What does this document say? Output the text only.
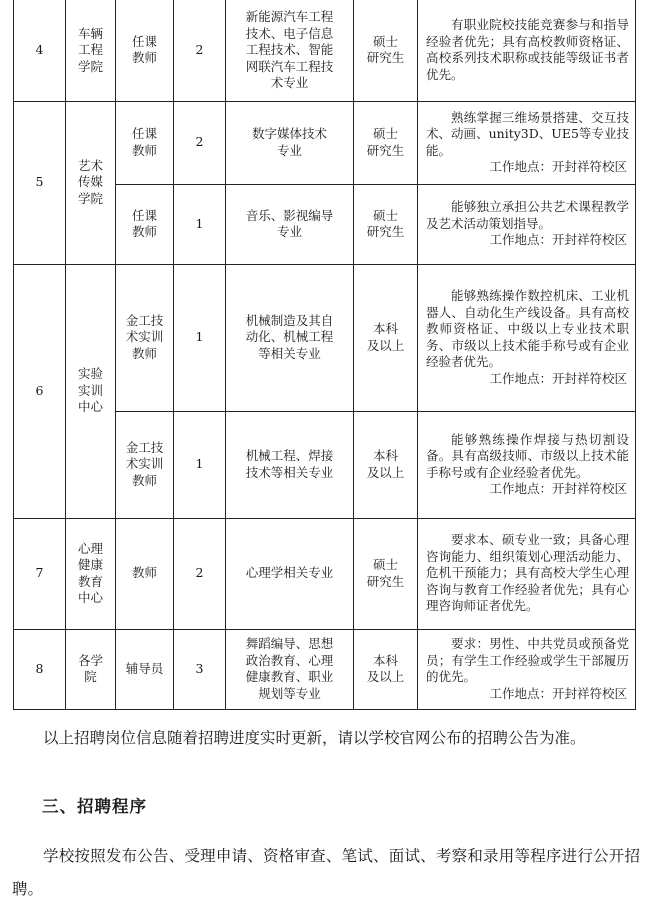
4	车辆
工程
学院	任课
教师	2	新能源汽车工程
技术、电子信息
工程技术、智能
网联汽车工程技
术专业	硕士
研究生	有职业院校技能竞赛参与和指导经验者优先；具有高校教师资格证、高校系列技术职称或技能等级证书者优先。

5	艺术
传媒
学院	任课
教师	2	数字媒体技术
专业	硕士
研究生	熟练掌握三维场景搭建、交互技术、动画、unity3D、UE5等专业技能。
工作地点：开封祥符校区

		任课
教师	1	音乐、影视编导
专业	硕士
研究生	能够独立承担公共艺术课程教学及艺术活动策划指导。
工作地点：开封祥符校区

6	实验
实训
中心	金工技
术实训
教师	1	机械制造及其自
动化、机械工程
等相关专业	本科
及以上	能够熟练操作数控机床、工业机器人、自动化生产线设备。具有高校教师资格证、中级以上专业技术职务、市级以上技术能手称号或有企业经验者优先。
工作地点：开封祥符校区

		金工技
术实训
教师	1	机械工程、焊接
技术等相关专业	本科
及以上	能够熟练操作焊接与热切割设备。具有高级技师、市级以上技术能手称号或有企业经验者优先。
工作地点：开封祥符校区

7	心理
健康
教育
中心	教师	2	心理学相关专业	硕士
研究生	要求本、硕专业一致；具备心理咨询能力、组织策划心理活动能力、危机干预能力；具有高校大学生心理咨询与教育工作经验者优先；具有心理咨询师证者优先。

8	各学
院	辅导员	3	舞蹈编导、思想
政治教育、心理
健康教育、职业
规划等专业	本科
及以上	要求：男性、中共党员或预备党员；有学生工作经验或学生干部履历的优先。
工作地点：开封祥符校区

以上招聘岗位信息随着招聘进度实时更新，请以学校官网公布的招聘公告为准。

三、招聘程序

学校按照发布公告、受理申请、资格审查、笔试、面试、考察和录用等程序进行公开招聘。
